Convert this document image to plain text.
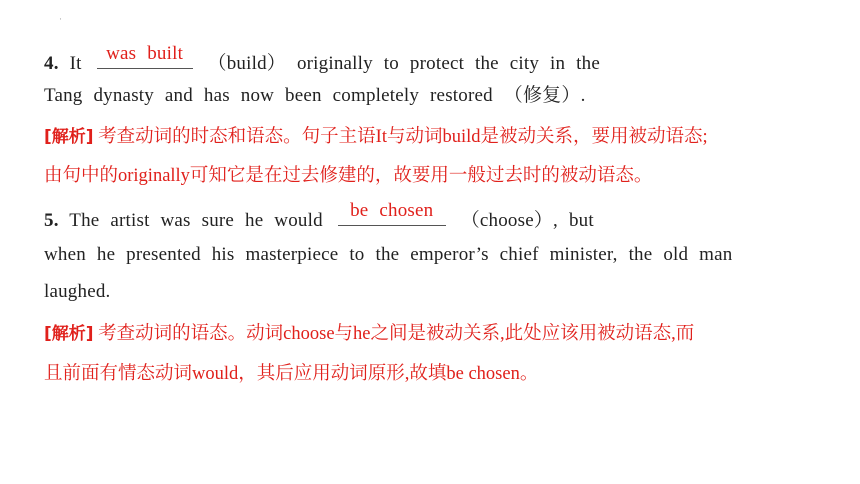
·
4. It	was built	（build） originally to protect the city in the
Tang dynasty and has now been completely restored （修复）.
[解析] 考查动词的时态和语态。句子主语It与动词build是被动关系，要用被动语态;
由句中的originally可知它是在过去修建的，故要用一般过去时的被动语态。
5. The artist was sure he would	be chosen	（choose）, but
when he presented his masterpiece to the emperor’s chief minister, the old man
laughed.
[解析] 考查动词的语态。动词choose与he之间是被动关系,此处应该用被动语态,而
且前面有情态动词would，其后应用动词原形,故填be chosen。
